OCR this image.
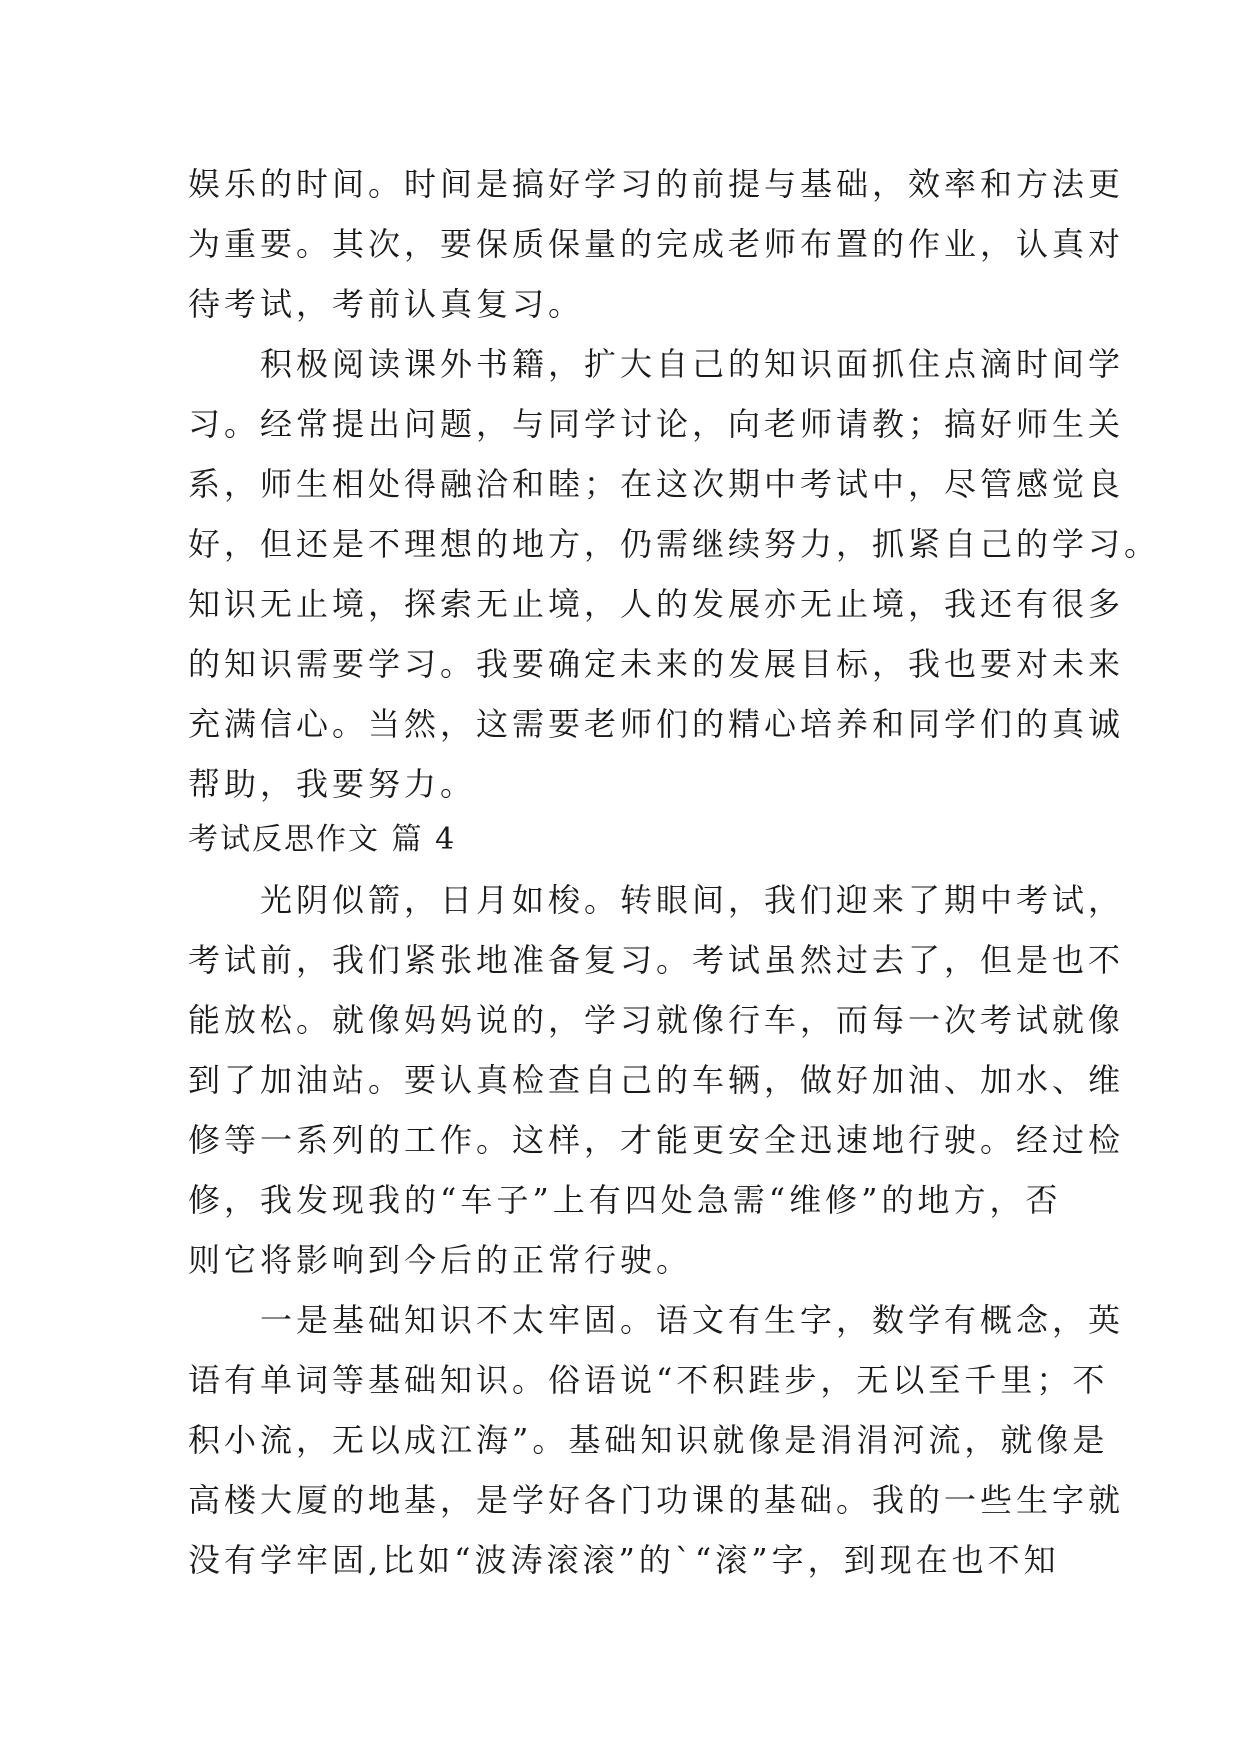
娱乐的时间。时间是搞好学习的前提与基础，效率和方法更
为重要。其次，要保质保量的完成老师布置的作业，认真对
待考试，考前认真复习。
　　积极阅读课外书籍，扩大自己的知识面抓住点滴时间学
习。经常提出问题，与同学讨论，向老师请教；搞好师生关
系，师生相处得融洽和睦；在这次期中考试中，尽管感觉良
好，但还是不理想的地方，仍需继续努力，抓紧自己的学习。
知识无止境，探索无止境，人的发展亦无止境，我还有很多
的知识需要学习。我要确定未来的发展目标，我也要对未来
充满信心。当然，这需要老师们的精心培养和同学们的真诚
帮助，我要努力。
考试反思作文 篇 4
　　光阴似箭，日月如梭。转眼间，我们迎来了期中考试，
考试前，我们紧张地准备复习。考试虽然过去了，但是也不
能放松。就像妈妈说的，学习就像行车，而每一次考试就像
到了加油站。要认真检查自己的车辆，做好加油、加水、维
修等一系列的工作。这样，才能更安全迅速地行驶。经过检
修，我发现我的“车子”上有四处急需“维修”的地方，否
则它将影响到今后的正常行驶。
　　一是基础知识不太牢固。语文有生字，数学有概念，英
语有单词等基础知识。俗语说“不积跬步，无以至千里；不
积小流，无以成江海”。基础知识就像是涓涓河流，就像是
高楼大厦的地基，是学好各门功课的基础。我的一些生字就
没有学牢固,比如“波涛滚滚”的`“滚”字，到现在也不知
